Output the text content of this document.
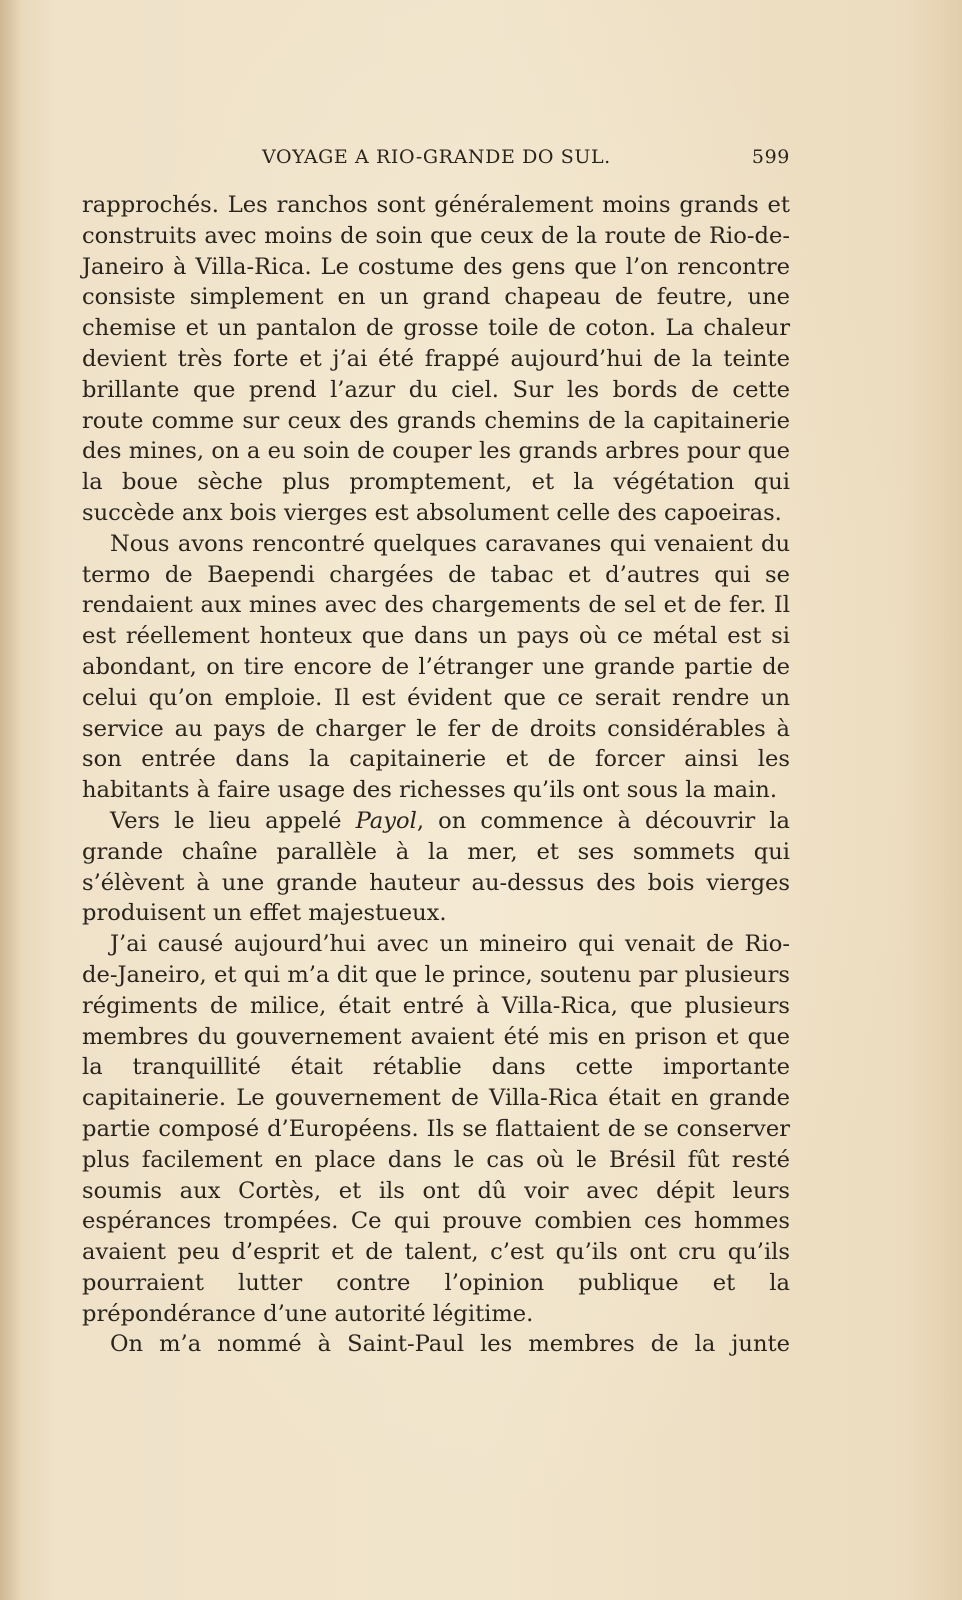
VOYAGE A RIO-GRANDE DO SUL.	599

rapprochés. Les ranchos sont généralement moins grands et construits avec moins de soin que ceux de la route de Rio-de-Janeiro à Villa-Rica. Le costume des gens que l’on rencontre consiste simplement en un grand chapeau de feutre, une chemise et un pantalon de grosse toile de coton. La chaleur devient très forte et j’ai été frappé aujourd’hui de la teinte brillante que prend l’azur du ciel. Sur les bords de cette route comme sur ceux des grands chemins de la capitainerie des mines, on a eu soin de couper les grands arbres pour que la boue sèche plus promptement, et la végétation qui succède anx bois vierges est absolument celle des capoeiras.

Nous avons rencontré quelques caravanes qui venaient du termo de Baependi chargées de tabac et d’autres qui se rendaient aux mines avec des chargements de sel et de fer. Il est réellement honteux que dans un pays où ce métal est si abondant, on tire encore de l’étranger une grande partie de celui qu’on emploie. Il est évident que ce serait rendre un service au pays de charger le fer de droits considérables à son entrée dans la capitainerie et de forcer ainsi les habitants à faire usage des richesses qu’ils ont sous la main.

Vers le lieu appelé Payol, on commence à découvrir la grande chaîne parallèle à la mer, et ses sommets qui s’élèvent à une grande hauteur au-dessus des bois vierges produisent un effet majestueux.

J’ai causé aujourd’hui avec un mineiro qui venait de Rio-de-Janeiro, et qui m’a dit que le prince, soutenu par plusieurs régiments de milice, était entré à Villa-Rica, que plusieurs membres du gouvernement avaient été mis en prison et que la tranquillité était rétablie dans cette importante capitainerie. Le gouvernement de Villa-Rica était en grande partie composé d’Européens. Ils se flattaient de se conserver plus facilement en place dans le cas où le Brésil fût resté soumis aux Cortès, et ils ont dû voir avec dépit leurs espérances trompées. Ce qui prouve combien ces hommes avaient peu d’esprit et de talent, c’est qu’ils ont cru qu’ils pourraient lutter contre l’opinion publique et la prépondérance d’une autorité légitime.

On m’a nommé à Saint-Paul les membres de la junte
